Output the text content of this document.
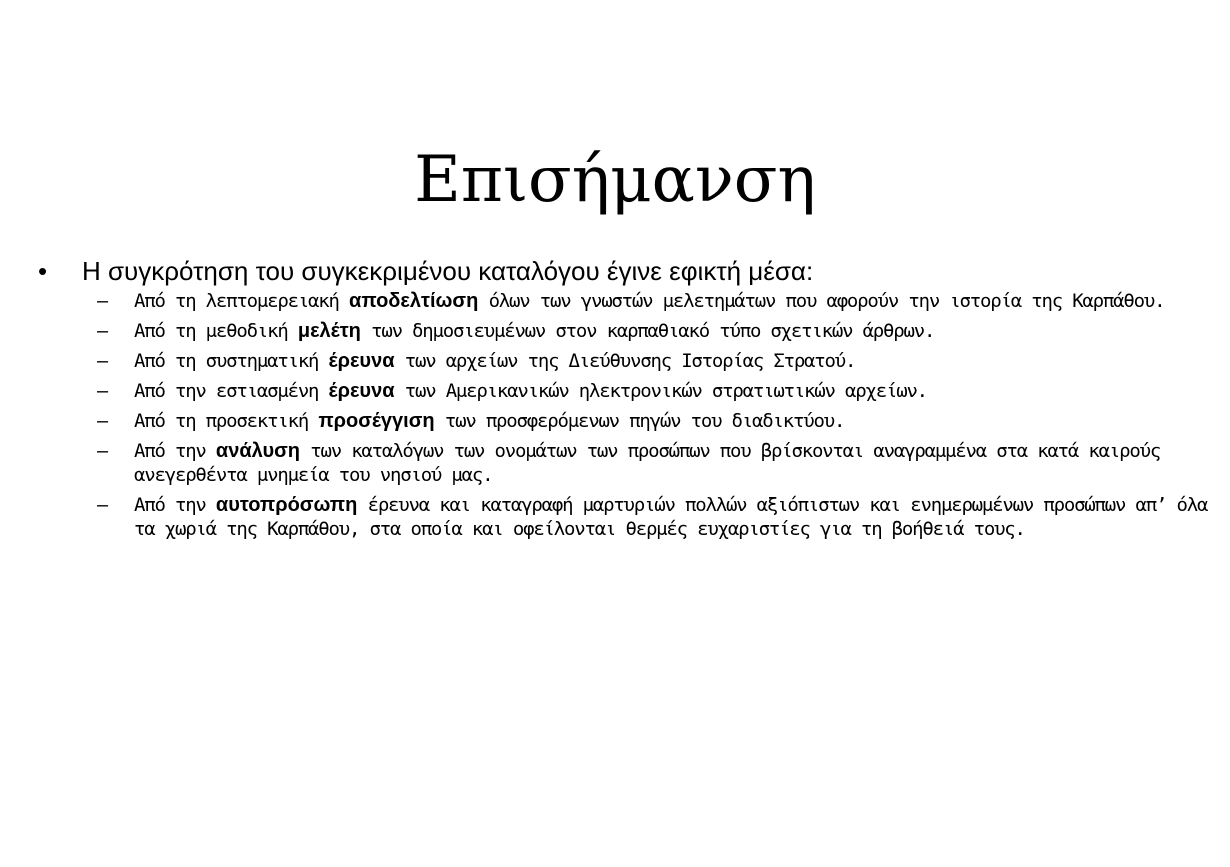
Επισήμανση
• Η συγκρότηση του συγκεκριμένου καταλόγου έγινε εφικτή μέσα:
– Από τη λεπτομερειακή αποδελτίωση όλων των γνωστών μελετημάτων που αφορούν την ιστορία της Καρπάθου.
– Από τη μεθοδική μελέτη των δημοσιευμένων στον καρπαθιακό τύπο σχετικών άρθρων.
– Από τη συστηματική έρευνα των αρχείων της Διεύθυνσης Ιστορίας Στρατού.
– Από την εστιασμένη έρευνα των Αμερικανικών ηλεκτρονικών στρατιωτικών αρχείων.
– Από τη προσεκτική προσέγγιση των προσφερόμενων πηγών του διαδικτύου.
– Από την ανάλυση των καταλόγων των ονομάτων των προσώπων που βρίσκονται αναγραμμένα στα κατά καιρούς ανεγερθέντα μνημεία του νησιού μας.
– Από την αυτοπρόσωπη έρευνα και καταγραφή μαρτυριών πολλών αξιόπιστων και ενημερωμένων προσώπων απ’ όλα τα χωριά της Καρπάθου, στα οποία και οφείλονται θερμές ευχαριστίες για τη βοήθειά τους.
